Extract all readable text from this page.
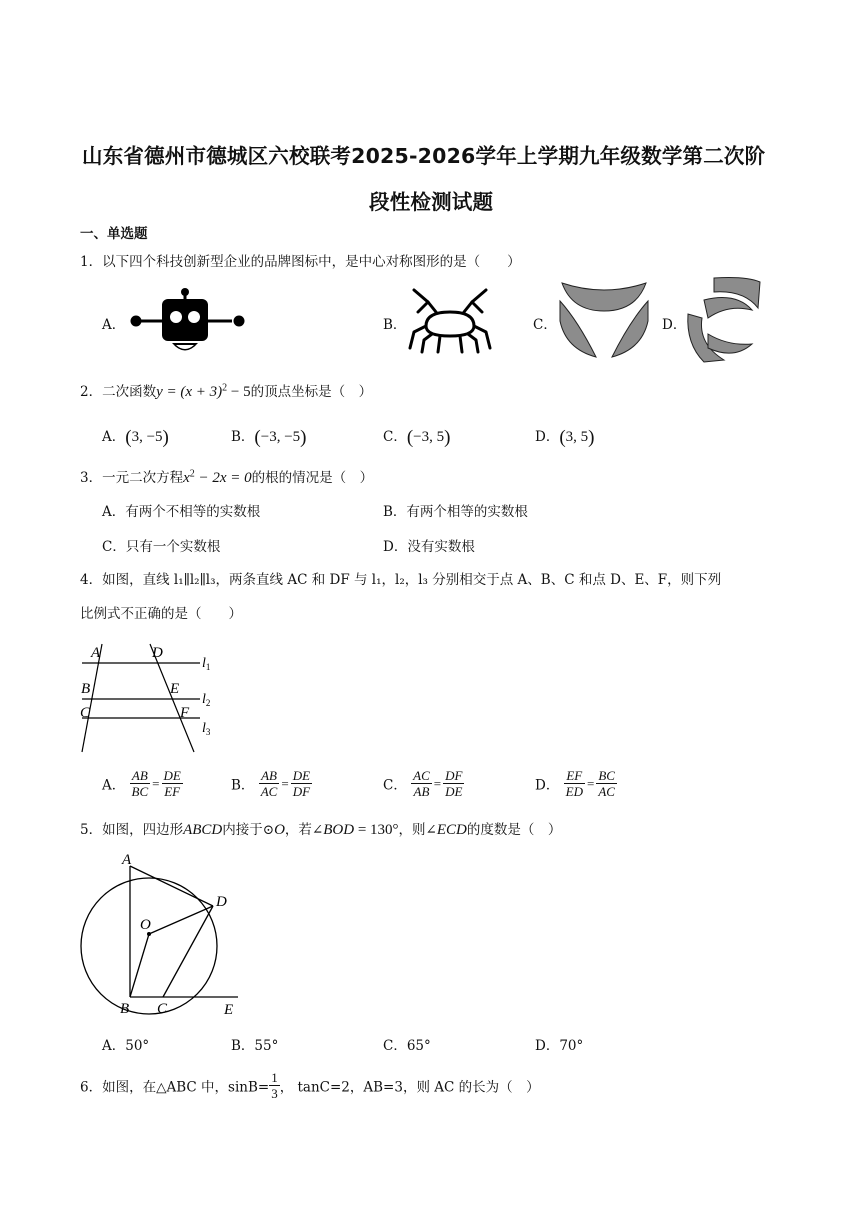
山东省德州市德城区六校联考2025-2026学年上学期九年级数学第二次阶
段性检测试题
一、单选题
1．以下四个科技创新型企业的品牌图标中，是中心对称图形的是（　　）
A．	B．	C．	D．
2．二次函数$y = (x + 3)^2 - 5$的顶点坐标是（　）
A．(3, −5)	B．(−3, −5)	C．(−3, 5)	D．(3, 5)
3．一元二次方程$x^2 - 2x = 0$的根的情况是（　）
A．有两个不相等的实数根	B．有两个相等的实数根
C．只有一个实数根	D．没有实数根
4．如图，直线 l₁∥l₂∥l₃，两条直线 AC 和 DF 与 l₁，l₂，l₃ 分别相交于点 A、B、C 和点 D、E、F，则下列
比例式不正确的是（　　）
A	D
B	E
C	F
$l_1$
$l_2$
$l_3$
A． $\frac{AB}{BC} = \frac{DE}{EF}$	B． $\frac{AB}{AC} = \frac{DE}{DF}$	C． $\frac{AC}{AB} = \frac{DF}{DE}$	D． $\frac{EF}{ED} = \frac{BC}{AC}$
5．如图，四边形ABCD内接于⊙O，若∠BOD = 130°，则∠ECD的度数是（　）
A
D
O
B C	E
A．50°	B．55°	C．65°	D．70°
6．如图，在△ABC 中，$\sin B= \frac{1}{3}$ ， tanC=2，AB=3，则 AC 的长为（　）
